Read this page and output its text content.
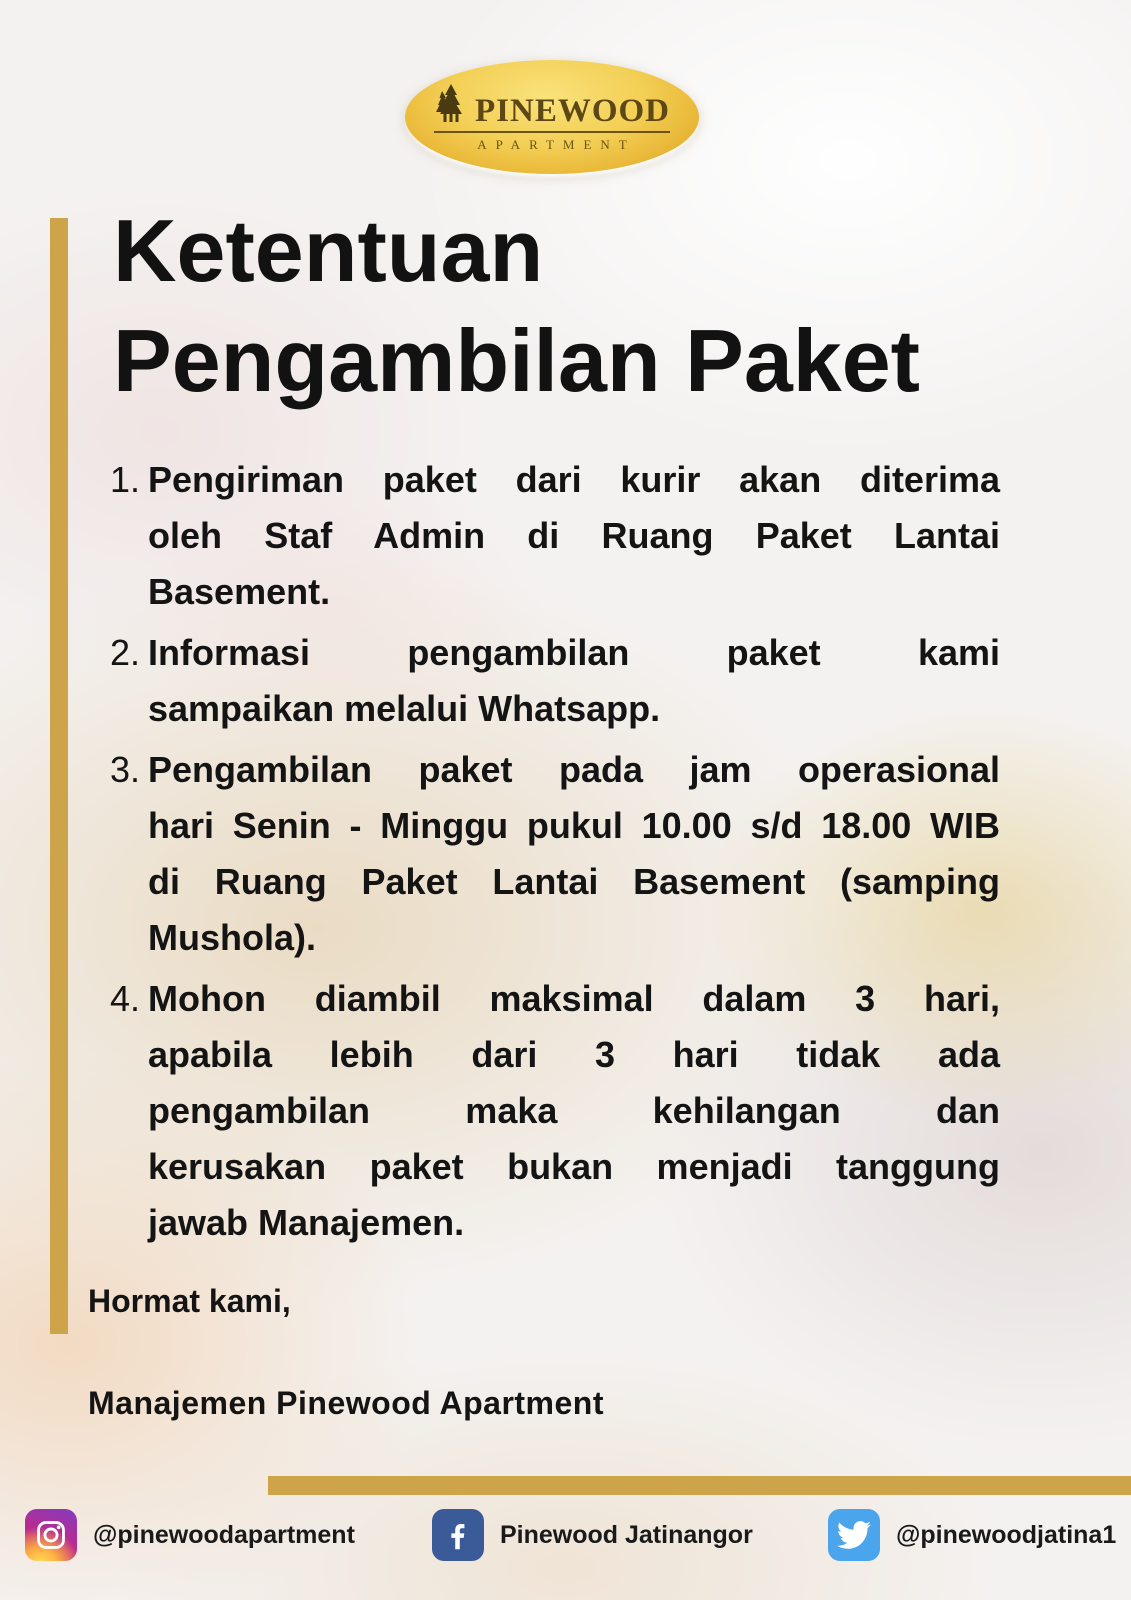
PINEWOOD
APARTMENT
Ketentuan
Pengambilan Paket
1. Pengiriman paket dari kurir akan diterima
oleh Staf Admin di Ruang Paket Lantai
Basement.
2. Informasi pengambilan paket kami
sampaikan melalui Whatsapp.
3. Pengambilan paket pada jam operasional
hari Senin - Minggu pukul 10.00 s/d 18.00 WIB
di Ruang Paket Lantai Basement (samping
Mushola).
4. Mohon diambil maksimal dalam 3 hari,
apabila lebih dari 3 hari tidak ada
pengambilan maka kehilangan dan
kerusakan paket bukan menjadi tanggung
jawab Manajemen.
Hormat kami,
Manajemen Pinewood Apartment
@pinewoodapartment	Pinewood Jatinangor	@pinewoodjatina1
